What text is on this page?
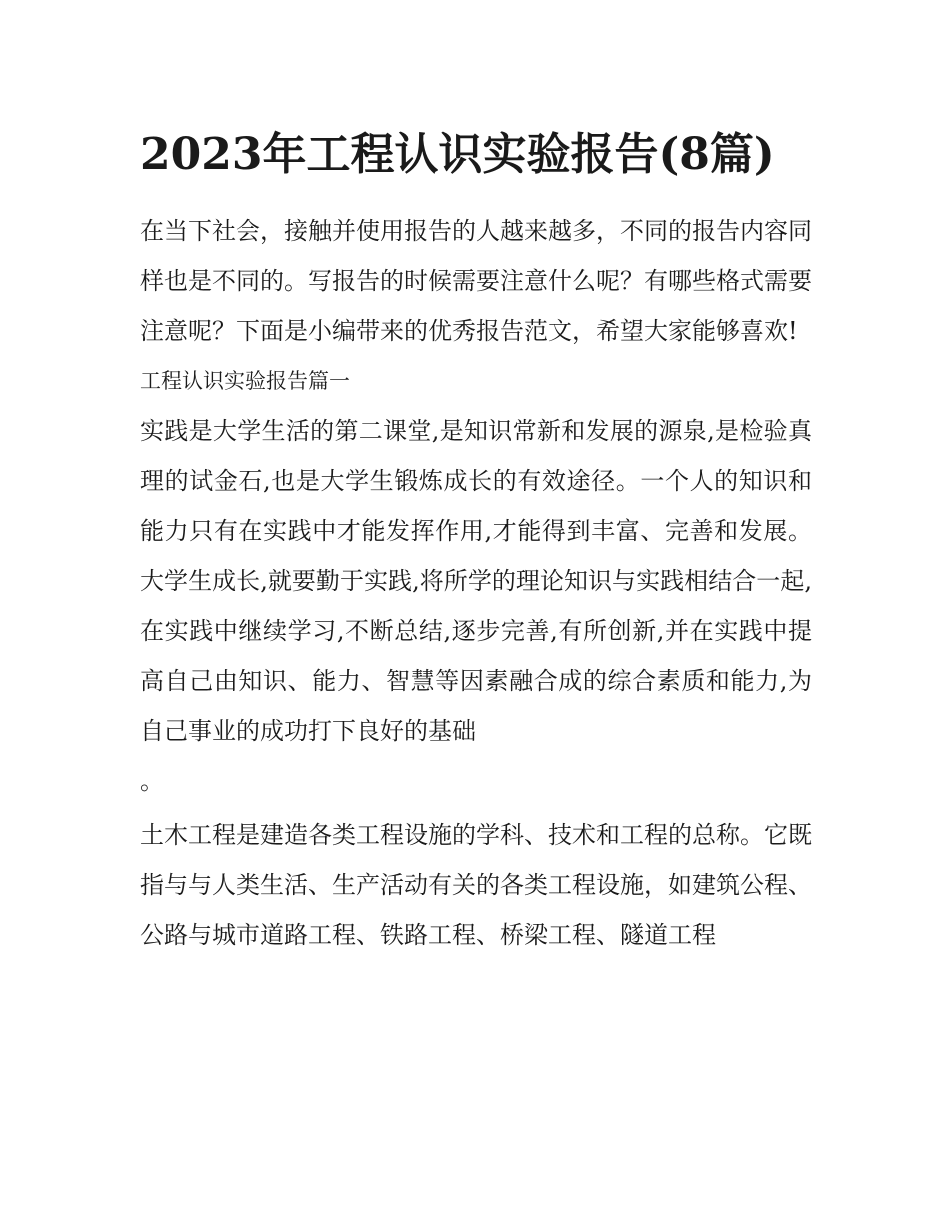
2023年工程认识实验报告(8篇)

在当下社会，接触并使用报告的人越来越多，不同的报告内容同样也是不同的。写报告的时候需要注意什么呢？有哪些格式需要注意呢？下面是小编带来的优秀报告范文，希望大家能够喜欢!

工程认识实验报告篇一

实践是大学生活的第二课堂,是知识常新和发展的源泉,是检验真理的试金石,也是大学生锻炼成长的有效途径。一个人的知识和能力只有在实践中才能发挥作用,才能得到丰富、完善和发展。大学生成长,就要勤于实践,将所学的理论知识与实践相结合一起,在实践中继续学习,不断总结,逐步完善,有所创新,并在实践中提高自己由知识、能力、智慧等因素融合成的综合素质和能力,为自己事业的成功打下良好的基础

。

土木工程是建造各类工程设施的学科、技术和工程的总称。它既指与与人类生活、生产活动有关的各类工程设施，如建筑公程、公路与城市道路工程、铁路工程、桥梁工程、隧道工程
